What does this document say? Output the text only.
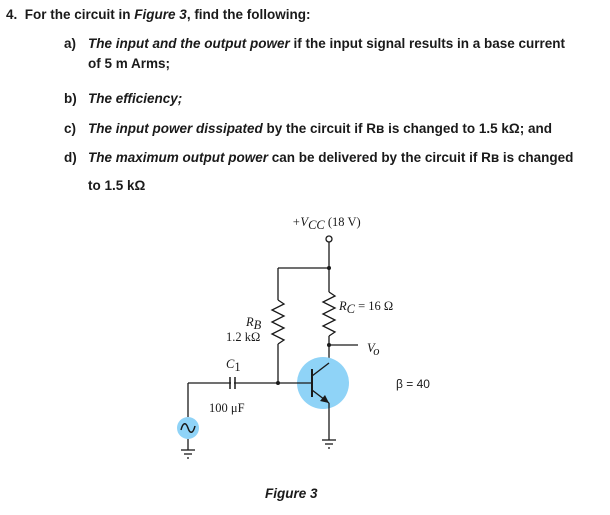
4. For the circuit in Figure 3, find the following:
a) The input and the output power if the input signal results in a base current
of 5 m Arms;
b) The efficiency;
c) The input power dissipated by the circuit if Rʙ is changed to 1.5 kΩ; and
d) The maximum output power can be delivered by the circuit if Rʙ is changed
to 1.5 kΩ
+VCC (18 V)
Vo
RC = 16 Ω
RB
1.2 kΩ
C1
100 μF
β = 40
Figure 3
